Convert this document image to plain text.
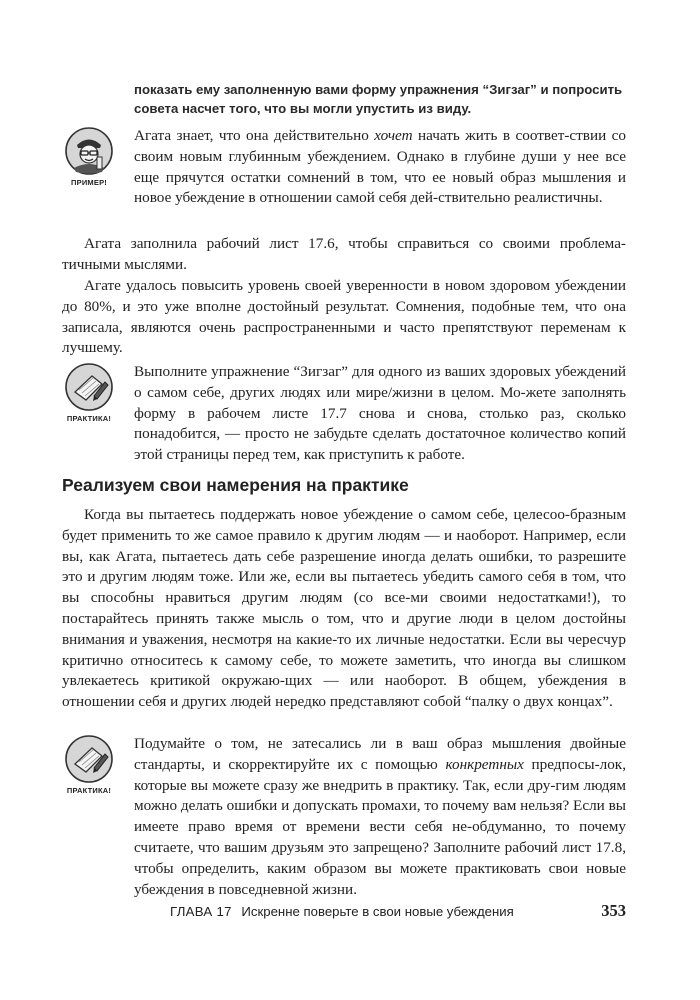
показать ему заполненную вами форму упражнения “Зигзаг” и попросить совета насчет того, что вы могли упустить из виду.
ПРИМЕР!
Агата знает, что она действительно хочет начать жить в соответ-ствии со своим новым глубинным убеждением. Однако в глубине души у нее все еще прячутся остатки сомнений в том, что ее новый образ мышления и новое убеждение в отношении самой себя дей-ствительно реалистичны.

Агата заполнила рабочий лист 17.6, чтобы справиться со своими проблема-тичными мыслями.

Агате удалось повысить уровень своей уверенности в новом здоровом убеждении до 80%, и это уже вполне достойный результат. Сомнения, подобные тем, что она записала, являются очень распространенными и часто препятствуют переменам к лучшему.

ПРАКТИКА!
Выполните упражнение “Зигзаг” для одного из ваших здоровых убеждений о самом себе, других людях или мире/жизни в целом. Мо-жете заполнять форму в рабочем листе 17.7 снова и снова, столько раз, сколько понадобится, — просто не забудьте сделать достаточное количество копий этой страницы перед тем, как приступить к работе.
Реализуем свои намерения на практике

Когда вы пытаетесь поддержать новое убеждение о самом себе, целесоо-бразным будет применить то же самое правило к другим людям — и наоборот. Например, если вы, как Агата, пытаетесь дать себе разрешение иногда делать ошибки, то разрешите это и другим людям тоже. Или же, если вы пытаетесь убедить самого себя в том, что вы способны нравиться другим людям (со все-ми своими недостатками!), то постарайтесь принять также мысль о том, что и другие люди в целом достойны внимания и уважения, несмотря на какие-то их личные недостатки. Если вы чересчур критично относитесь к самому себе, то можете заметить, что иногда вы слишком увлекаетесь критикой окружаю-щих — или наоборот. В общем, убеждения в отношении себя и других людей нередко представляют собой “палку о двух концах”.

ПРАКТИКА!
Подумайте о том, не затесались ли в ваш образ мышления двойные стандарты, и скорректируйте их с помощью конкретных предпосы-лок, которые вы можете сразу же внедрить в практику. Так, если дру-гим людям можно делать ошибки и допускать промахи, то почему вам нельзя? Если вы имеете право время от времени вести себя не-обдуманно, то почему считаете, что вашим друзьям это запрещено? Заполните рабочий лист 17.8, чтобы определить, каким образом вы можете практиковать свои новые убеждения в повседневной жизни.
ГЛАВА 17 Искренне поверьте в свои новые убеждения	353
